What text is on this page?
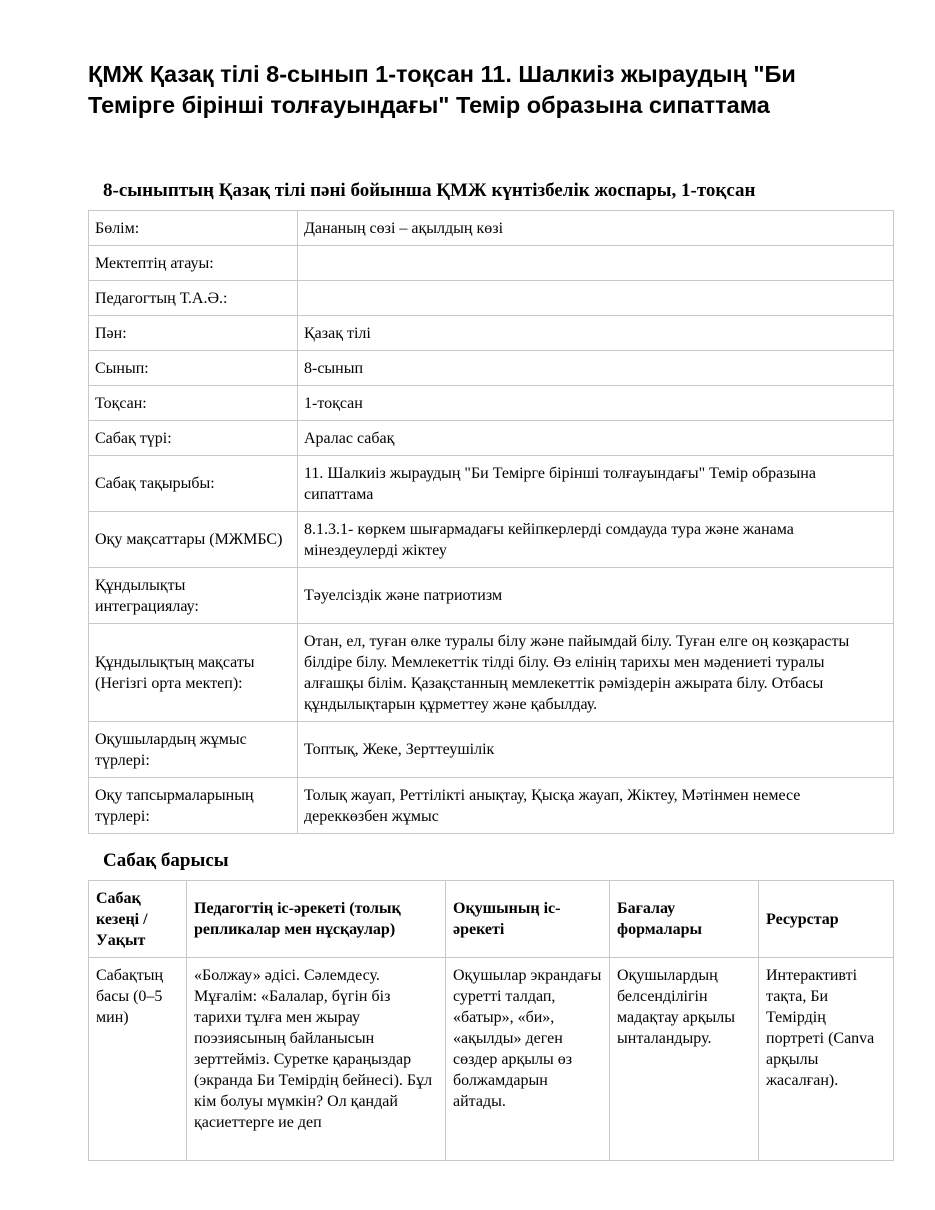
ҚМЖ Қазақ тілі 8-сынып 1-тоқсан 11. Шалкиіз жыраудың "Би Темірге бірінші толғауындағы" Темір образына сипаттама
8-сыныптың Қазақ тілі пәні бойынша ҚМЖ күнтізбелік жоспары, 1-тоқсан
Бөлім:	Дананың сөзі – ақылдың көзі
Мектептің атауы:	
Педагогтың Т.А.Ә.:	
Пән:	Қазақ тілі
Сынып:	8-сынып
Тоқсан:	1-тоқсан
Сабақ түрі:	Аралас сабақ
Сабақ тақырыбы:	11. Шалкиіз жыраудың "Би Темірге бірінші толғауындағы" Темір образына сипаттама
Оқу мақсаттары (МЖМБС)	8.1.3.1- көркем шығармадағы кейіпкерлерді сомдауда тура және жанама мінездеулерді жіктеу
Құндылықты интеграциялау:	Тәуелсіздік және патриотизм
Құндылықтың мақсаты (Негізгі орта мектеп):	Отан, ел, туған өлке туралы білу және пайымдай білу. Туған елге оң көзқарасты білдіре білу. Мемлекеттік тілді білу. Өз елінің тарихы мен мәдениеті туралы алғашқы білім. Қазақстанның мемлекеттік рәміздерін ажырата білу. Отбасы құндылықтарын құрметтеу және қабылдау.
Оқушылардың жұмыс түрлері:	Топтық, Жеке, Зерттеушілік
Оқу тапсырмаларының түрлері:	Толық жауап, Реттілікті анықтау, Қысқа жауап, Жіктеу, Мәтінмен немесе дереккөзбен жұмыс
Сабақ барысы
Сабақ кезеңі / Уақыт	Педагогтің іс-әрекеті (толық репликалар мен нұсқаулар)	Оқушының іс-әрекеті	Бағалау формалары	Ресурстар
Сабақтың басы (0–5 мин)	«Болжау» әдісі. Сәлемдесу. Мұғалім: «Балалар, бүгін біз тарихи тұлға мен жырау поэзиясының байланысын зерттейміз. Суретке қараңыздар (экранда Би Темірдің бейнесі). Бұл кім болуы мүмкін? Ол қандай қасиеттерге ие деп	Оқушылар экрандағы суретті талдап, «батыр», «би», «ақылды» деген сөздер арқылы өз болжамдарын айтады.	Оқушылардың белсенділігін мадақтау арқылы ынталандыру.	Интерактивті тақта, Би Темірдің портреті (Canva арқылы жасалған).
